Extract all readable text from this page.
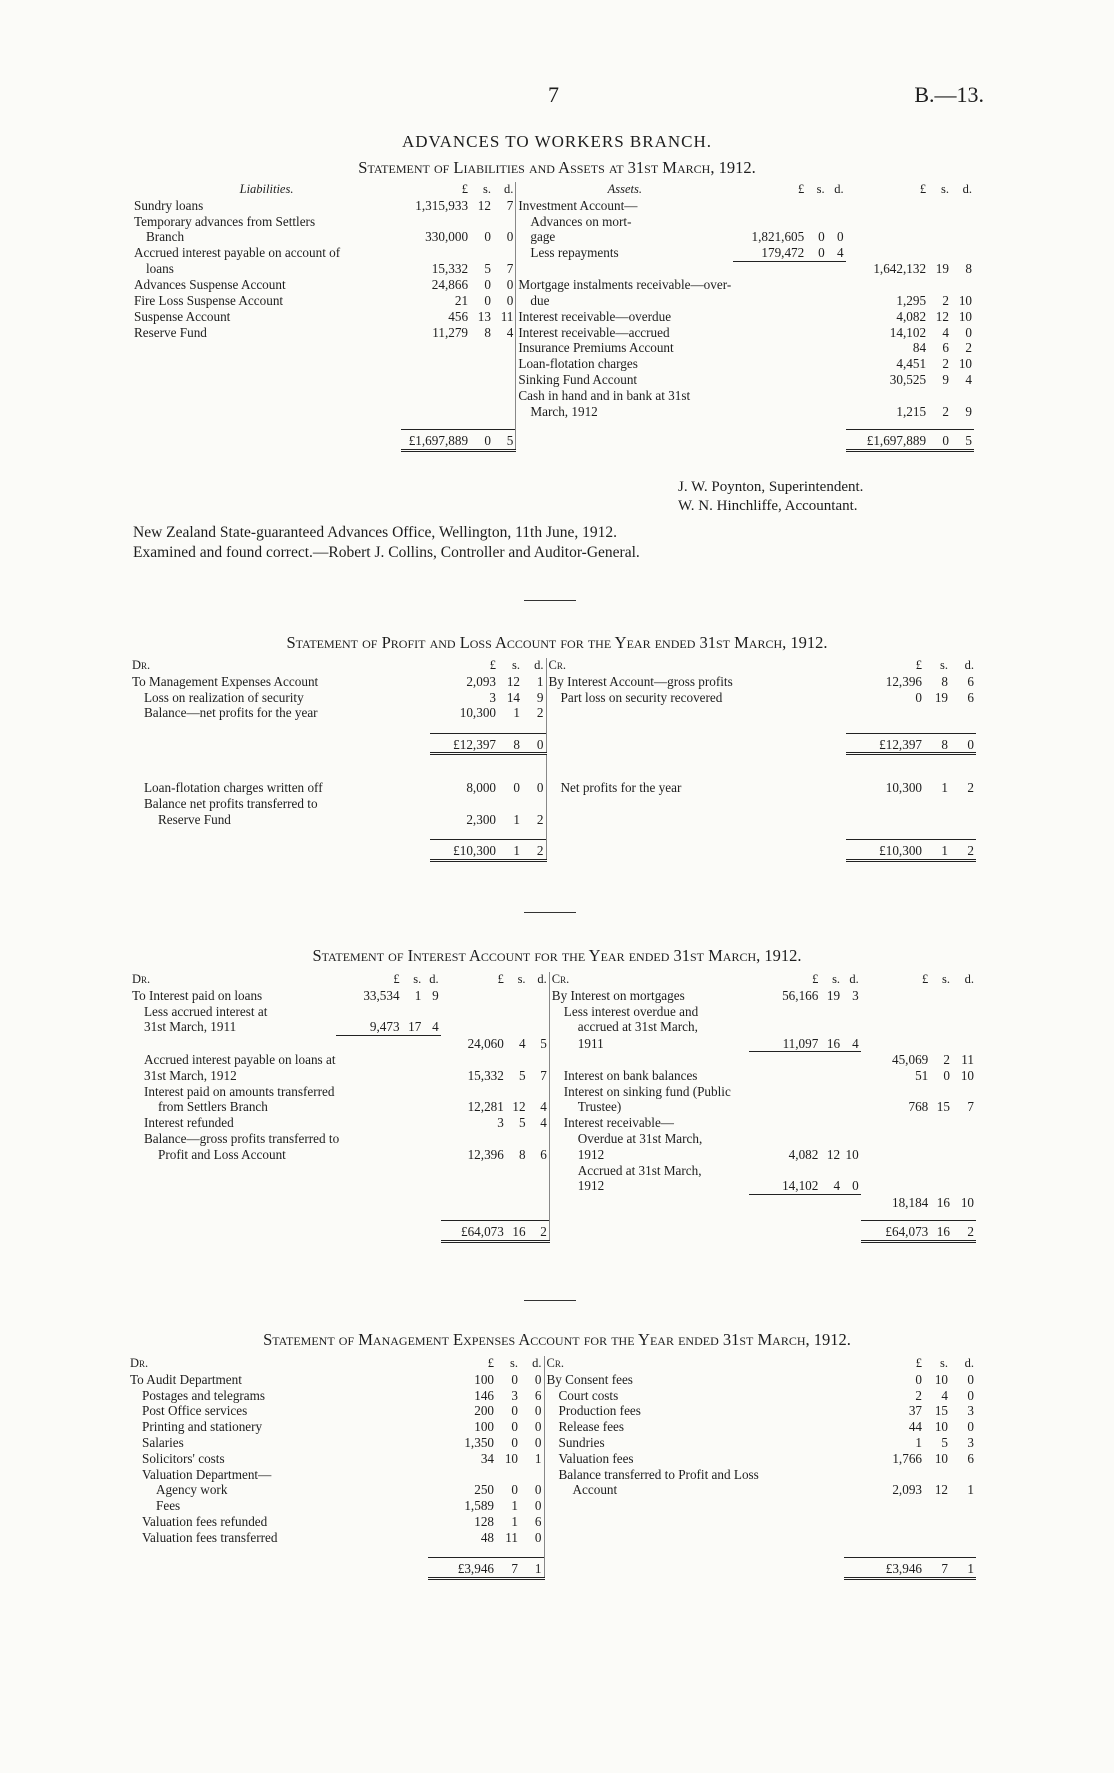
7	B.—13.
ADVANCES TO WORKERS BRANCH.
Statement of Liabilities and Assets at 31st March, 1912.
Liabilities.	£	s.	d.	Assets.	£	s.	d.	£	s.	d.
Sundry loans	1,315,933	12	7	Investment Account—						
Temporary advances from Settlers				Advances on mort-						
Branch	330,000	0	0	gage	1,821,605	0	0			
Accrued interest payable on account of				Less repayments	179,472	0	4			
loans	15,332	5	7					1,642,132	19	8
Advances Suspense Account	24,866	0	0	Mortgage instalments receivable—over-						
Fire Loss Suspense Account	21	0	0	due				1,295	2	10
Suspense Account	456	13	11	Interest receivable—overdue				4,082	12	10
Reserve Fund	11,279	8	4	Interest receivable—accrued				14,102	4	0
				Insurance Premiums Account				84	6	2
				Loan-flotation charges				4,451	2	10
				Sinking Fund Account				30,525	9	4
				Cash in hand and in bank at 31st						
				March, 1912				1,215	2	9

	£1,697,889	0	5					£1,697,889	0	5
J. W. Poynton, Superintendent.
W. N. Hinchliffe, Accountant.
New Zealand State-guaranteed Advances Office, Wellington, 11th June, 1912.
Examined and found correct.—Robert J. Collins, Controller and Auditor-General.
Statement of Profit and Loss Account for the Year ended 31st March, 1912.
Dr.	£	s.	d.	Cr.	£	s.	d.
To Management Expenses Account	2,093	12	1	By Interest Account—gross profits	12,396	8	6
Loss on realization of security	3	14	9	Part loss on security recovered	0	19	6
Balance—net profits for the year	10,300	1	2				

	£12,397	8	0		£12,397	8	0

Loan-flotation charges written off	8,000	0	0	Net profits for the year	10,300	1	2
Balance net profits transferred to							
Reserve Fund	2,300	1	2				

	£10,300	1	2		£10,300	1	2
Statement of Interest Account for the Year ended 31st March, 1912.
Dr.	£	s.	d.	£	s.	d.	Cr.	£	s.	d.	£	s.	d.
To Interest paid on loans	33,534	1	9				By Interest on mortgages	56,166	19	3			
Less accrued interest at							Less interest overdue and						
31st March, 1911	9,473	17	4				accrued at 31st March,						
				24,060	4	5	1911	11,097	16	4			
Accrued interest payable on loans at											45,069	2	11
31st March, 1912				15,332	5	7	Interest on bank balances				51	0	10
Interest paid on amounts transferred							Interest on sinking fund (Public						
from Settlers Branch				12,281	12	4	Trustee)				768	15	7
Interest refunded				3	5	4	Interest receivable—						
Balance—gross profits transferred to							Overdue at 31st March,						
Profit and Loss Account				12,396	8	6	1912	4,082	12	10			
							Accrued at 31st March,						
							1912	14,102	4	0			
											18,184	16	10

				£64,073	16	2					£64,073	16	2
Statement of Management Expenses Account for the Year ended 31st March, 1912.
Dr.	£	s.	d.	Cr.	£	s.	d.
To Audit Department	100	0	0	By Consent fees	0	10	0
Postages and telegrams	146	3	6	Court costs	2	4	0
Post Office services	200	0	0	Production fees	37	15	3
Printing and stationery	100	0	0	Release fees	44	10	0
Salaries	1,350	0	0	Sundries	1	5	3
Solicitors' costs	34	10	1	Valuation fees	1,766	10	6
Valuation Department—				Balance transferred to Profit and Loss			
Agency work	250	0	0	Account	2,093	12	1
Fees	1,589	1	0				
Valuation fees refunded	128	1	6				
Valuation fees transferred	48	11	0				

	£3,946	7	1		£3,946	7	1
